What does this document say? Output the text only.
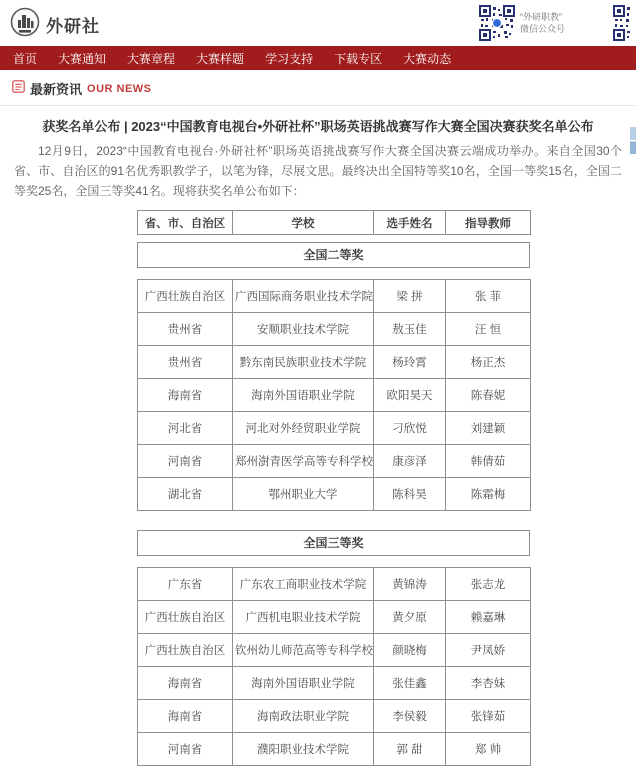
外研社	“外研职教”
微信公众号
首页 大赛通知 大赛章程 大赛样题 学习支持 下载专区 大赛动态
最新资讯 OUR NEWS
获奖名单公布 | 2023“中国教育电视台•外研社杯”职场英语挑战赛写作大赛全国决赛获奖名单公布

12月9日，2023“中国教育电视台·外研社杯”职场英语挑战赛写作大赛全国决赛云端成功举办。来自全国30个省、市、自治区的91名优秀职教学子，以笔为锋，尽展文思。最终决出全国特等奖10名，全国一等奖15名，全国二等奖25名，全国三等奖41名。现将获奖名单公布如下：

省、市、自治区	学校	选手姓名	指导教师
全国二等奖
广西壮族自治区	广西国际商务职业技术学院	梁 拼	张 菲
贵州省	安顺职业技术学院	敖玉佳	汪 恒
贵州省	黔东南民族职业技术学院	杨玲霄	杨正杰
海南省	海南外国语职业学院	欧阳昊天	陈春妮
河北省	河北对外经贸职业学院	刁欣悦	刘建颖
河南省	郑州澍青医学高等专科学校	康彦泽	韩倩茹
湖北省	鄂州职业大学	陈科昊	陈霜梅
全国三等奖
广东省	广东农工商职业技术学院	黄锦涛	张志龙
广西壮族自治区	广西机电职业技术学院	黄夕原	赖嘉琳
广西壮族自治区	钦州幼儿师范高等专科学校	颜晓梅	尹凤娇
海南省	海南外国语职业学院	张佳鑫	李杏妹
海南省	海南政法职业学院	李侯毅	张锋茹
河南省	濮阳职业技术学院	郭 甜	郑 帅
